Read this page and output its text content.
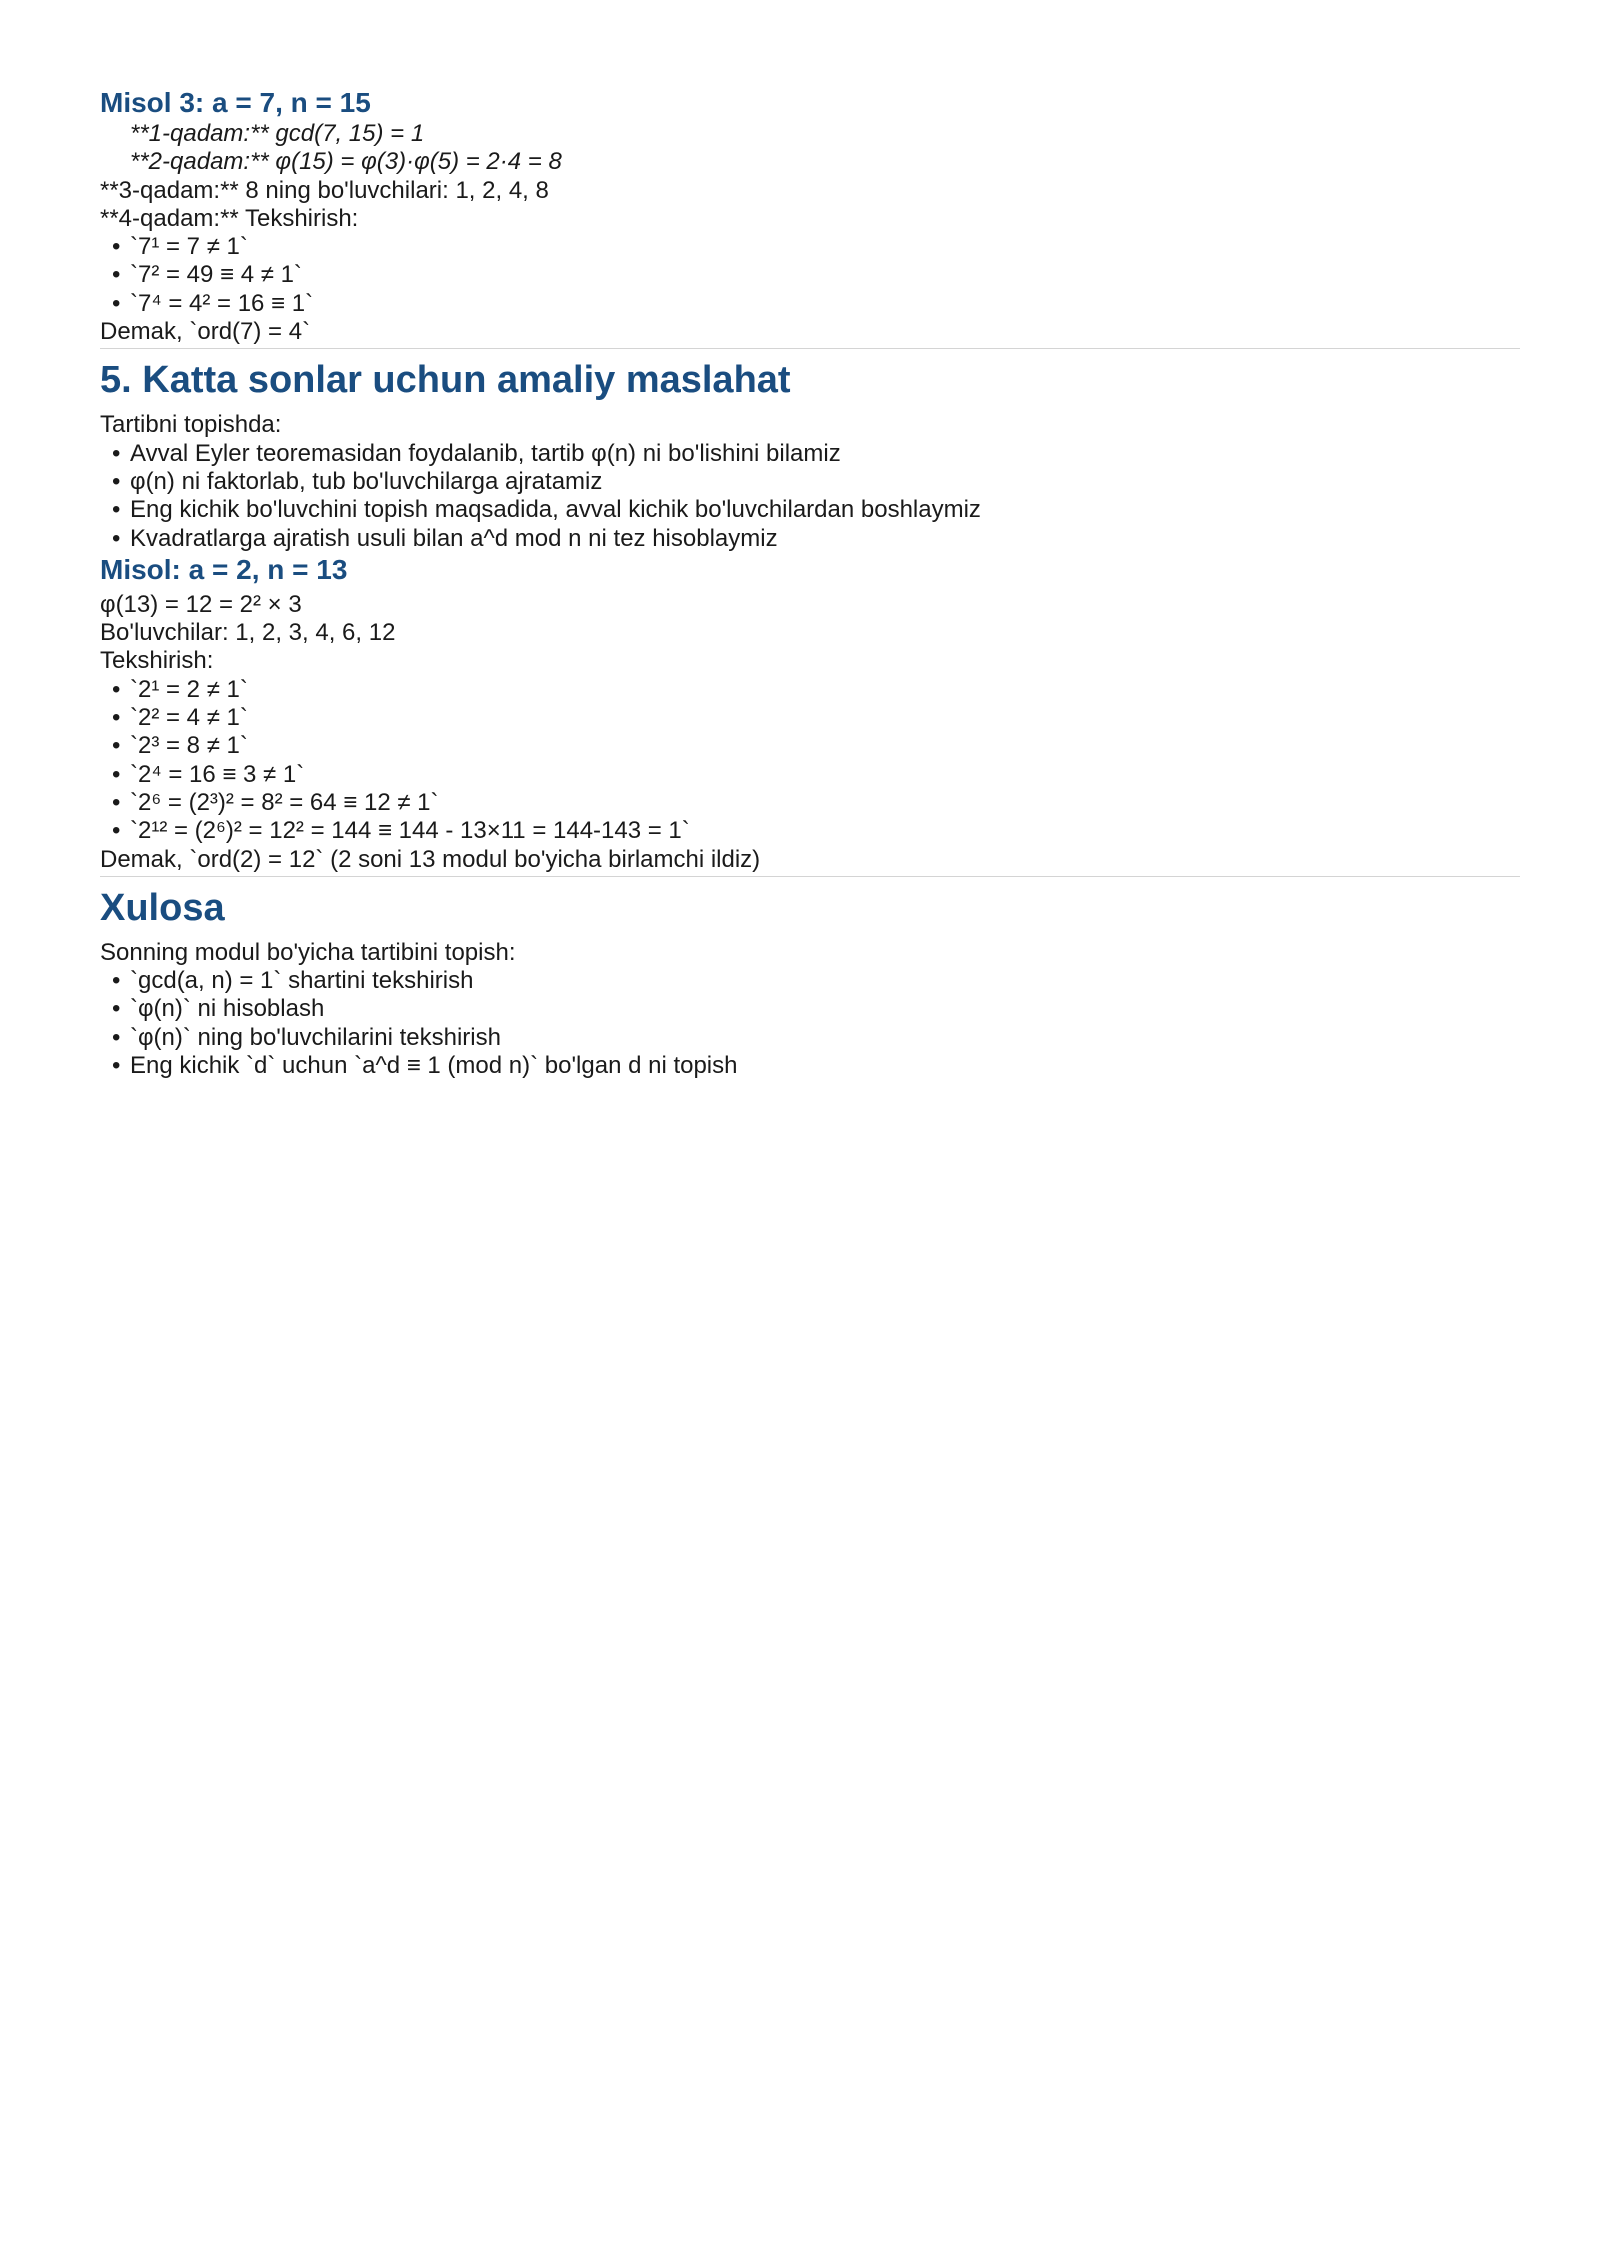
Misol 3: a = 7, n = 15
**1-qadam:** gcd(7, 15) = 1
**2-qadam:** φ(15) = φ(3)·φ(5) = 2·4 = 8
**3-qadam:** 8 ning bo'luvchilari: 1, 2, 4, 8
**4-qadam:** Tekshirish:
• `7¹ = 7 ≠ 1`
• `7² = 49 ≡ 4 ≠ 1`
• `7⁴ = 4² = 16 ≡ 1`
Demak, `ord(7) = 4`
5. Katta sonlar uchun amaliy maslahat
Tartibni topishda:
• Avval Eyler teoremasidan foydalanib, tartib φ(n) ni bo'lishini bilamiz
• φ(n) ni faktorlab, tub bo'luvchilarga ajratamiz
• Eng kichik bo'luvchini topish maqsadida, avval kichik bo'luvchilardan boshlaymiz
• Kvadratlarga ajratish usuli bilan a^d mod n ni tez hisoblaymiz
Misol: a = 2, n = 13
φ(13) = 12 = 2² × 3
Bo'luvchilar: 1, 2, 3, 4, 6, 12
Tekshirish:
• `2¹ = 2 ≠ 1`
• `2² = 4 ≠ 1`
• `2³ = 8 ≠ 1`
• `2⁴ = 16 ≡ 3 ≠ 1`
• `2⁶ = (2³)² = 8² = 64 ≡ 12 ≠ 1`
• `2¹² = (2⁶)² = 12² = 144 ≡ 144 - 13×11 = 144-143 = 1`
Demak, `ord(2) = 12` (2 soni 13 modul bo'yicha birlamchi ildiz)
Xulosa
Sonning modul bo'yicha tartibini topish:
• `gcd(a, n) = 1` shartini tekshirish
• `φ(n)` ni hisoblash
• `φ(n)` ning bo'luvchilarini tekshirish
• Eng kichik `d` uchun `a^d ≡ 1 (mod n)` bo'lgan d ni topish
